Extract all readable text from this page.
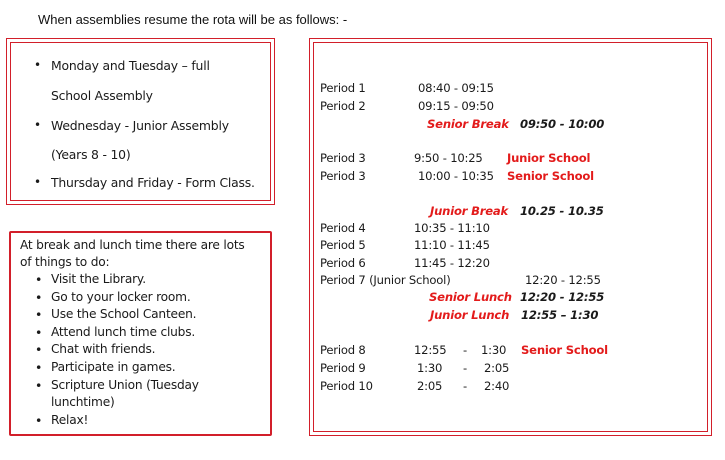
When assemblies resume the rota will be as follows: -
• Monday and Tuesday – full
School Assembly
• Wednesday - Junior Assembly
(Years 8 - 10)
• Thursday and Friday - Form Class.
At break and lunch time there are lots
of things to do:
• Visit the Library.
• Go to your locker room.
• Use the School Canteen.
• Attend lunch time clubs.
• Chat with friends.
• Participate in games.
• Scripture Union (Tuesday
lunchtime)
• Relax!
Period 1	08:40 - 09:15
Period 2	09:15 - 09:50
Senior Break 09:50 - 10:00
Period 3	9:50 - 10:25 Junior School
Period 3	10:00 - 10:35 Senior School
Junior Break 10.25 - 10.35
Period 4	10:35 - 11:10
Period 5	11:10 - 11:45
Period 6	11:45 - 12:20
Period 7 (Junior School)	12:20 - 12:55
Senior Lunch 12:20 - 12:55
Junior Lunch 12:55 – 1:30
Period 8	12:55 - 1:30 Senior School
Period 9	1:30 - 2:05
Period 10	2:05 - 2:40
